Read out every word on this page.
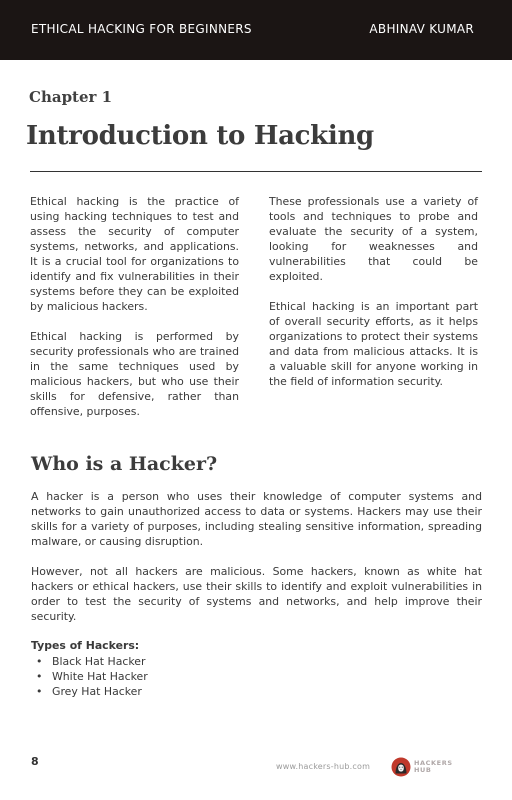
ETHICAL HACKING FOR BEGINNERS	ABHINAV KUMAR
Chapter 1
Introduction to Hacking

Ethical hacking is the practice of using hacking techniques to test and assess the security of computer systems, networks, and applications. It is a crucial tool for organizations to identify and fix vulnerabilities in their systems before they can be exploited by malicious hackers.

Ethical hacking is performed by security professionals who are trained in the same techniques used by malicious hackers, but who use their skills for defensive, rather than offensive, purposes.

These professionals use a variety of tools and techniques to probe and evaluate the security of a system, looking for weaknesses and vulnerabilities that could be exploited.

Ethical hacking is an important part of overall security efforts, as it helps organizations to protect their systems and data from malicious attacks. It is a valuable skill for anyone working in the field of information security.

Who is a Hacker?

A hacker is a person who uses their knowledge of computer systems and networks to gain unauthorized access to data or systems. Hackers may use their skills for a variety of purposes, including stealing sensitive information, spreading malware, or causing disruption.

However, not all hackers are malicious. Some hackers, known as white hat hackers or ethical hackers, use their skills to identify and exploit vulnerabilities in order to test the security of systems and networks, and help improve their security.

Types of Hackers:
• Black Hat Hacker
• White Hat Hacker
• Grey Hat Hacker
8	www.hackers-hub.com	HACKERS
HUB
